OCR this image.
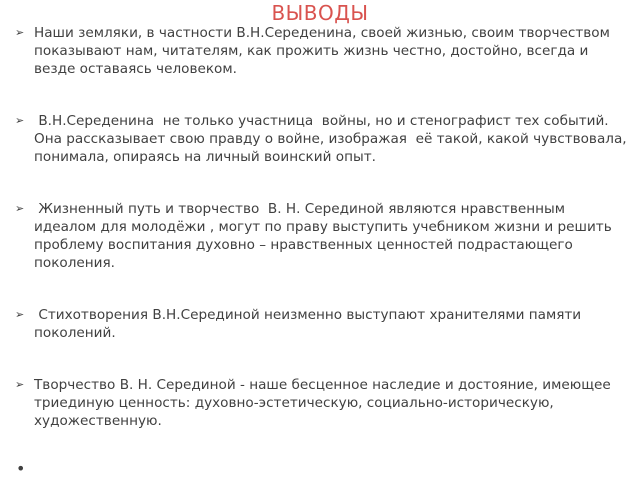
ВЫВОДЫ
➢ Наши земляки, в частности В.Н.Середенина, своей жизнью, своим творчеством показывают нам, читателям, как прожить жизнь честно, достойно, всегда и везде оставаясь человеком.
➢ В.Н.Середенина  не только участница  войны, но и стенографист тех событий. Она рассказывает свою правду о войне, изображая  её такой, какой чувствовала, понимала, опираясь на личный воинский опыт.
➢ Жизненный путь и творчество  В. Н. Серединой являются нравственным идеалом для молодёжи , могут по праву выступить учебником жизни и решить проблему воспитания духовно – нравственных ценностей подрастающего поколения.
➢ Стихотворения В.Н.Серединой неизменно выступают хранителями памяти поколений.
➢ Творчество В. Н. Серединой - наше бесценное наследие и достояние, имеющее триединую ценность: духовно-эстетическую, социально-историческую, художественную.
•
